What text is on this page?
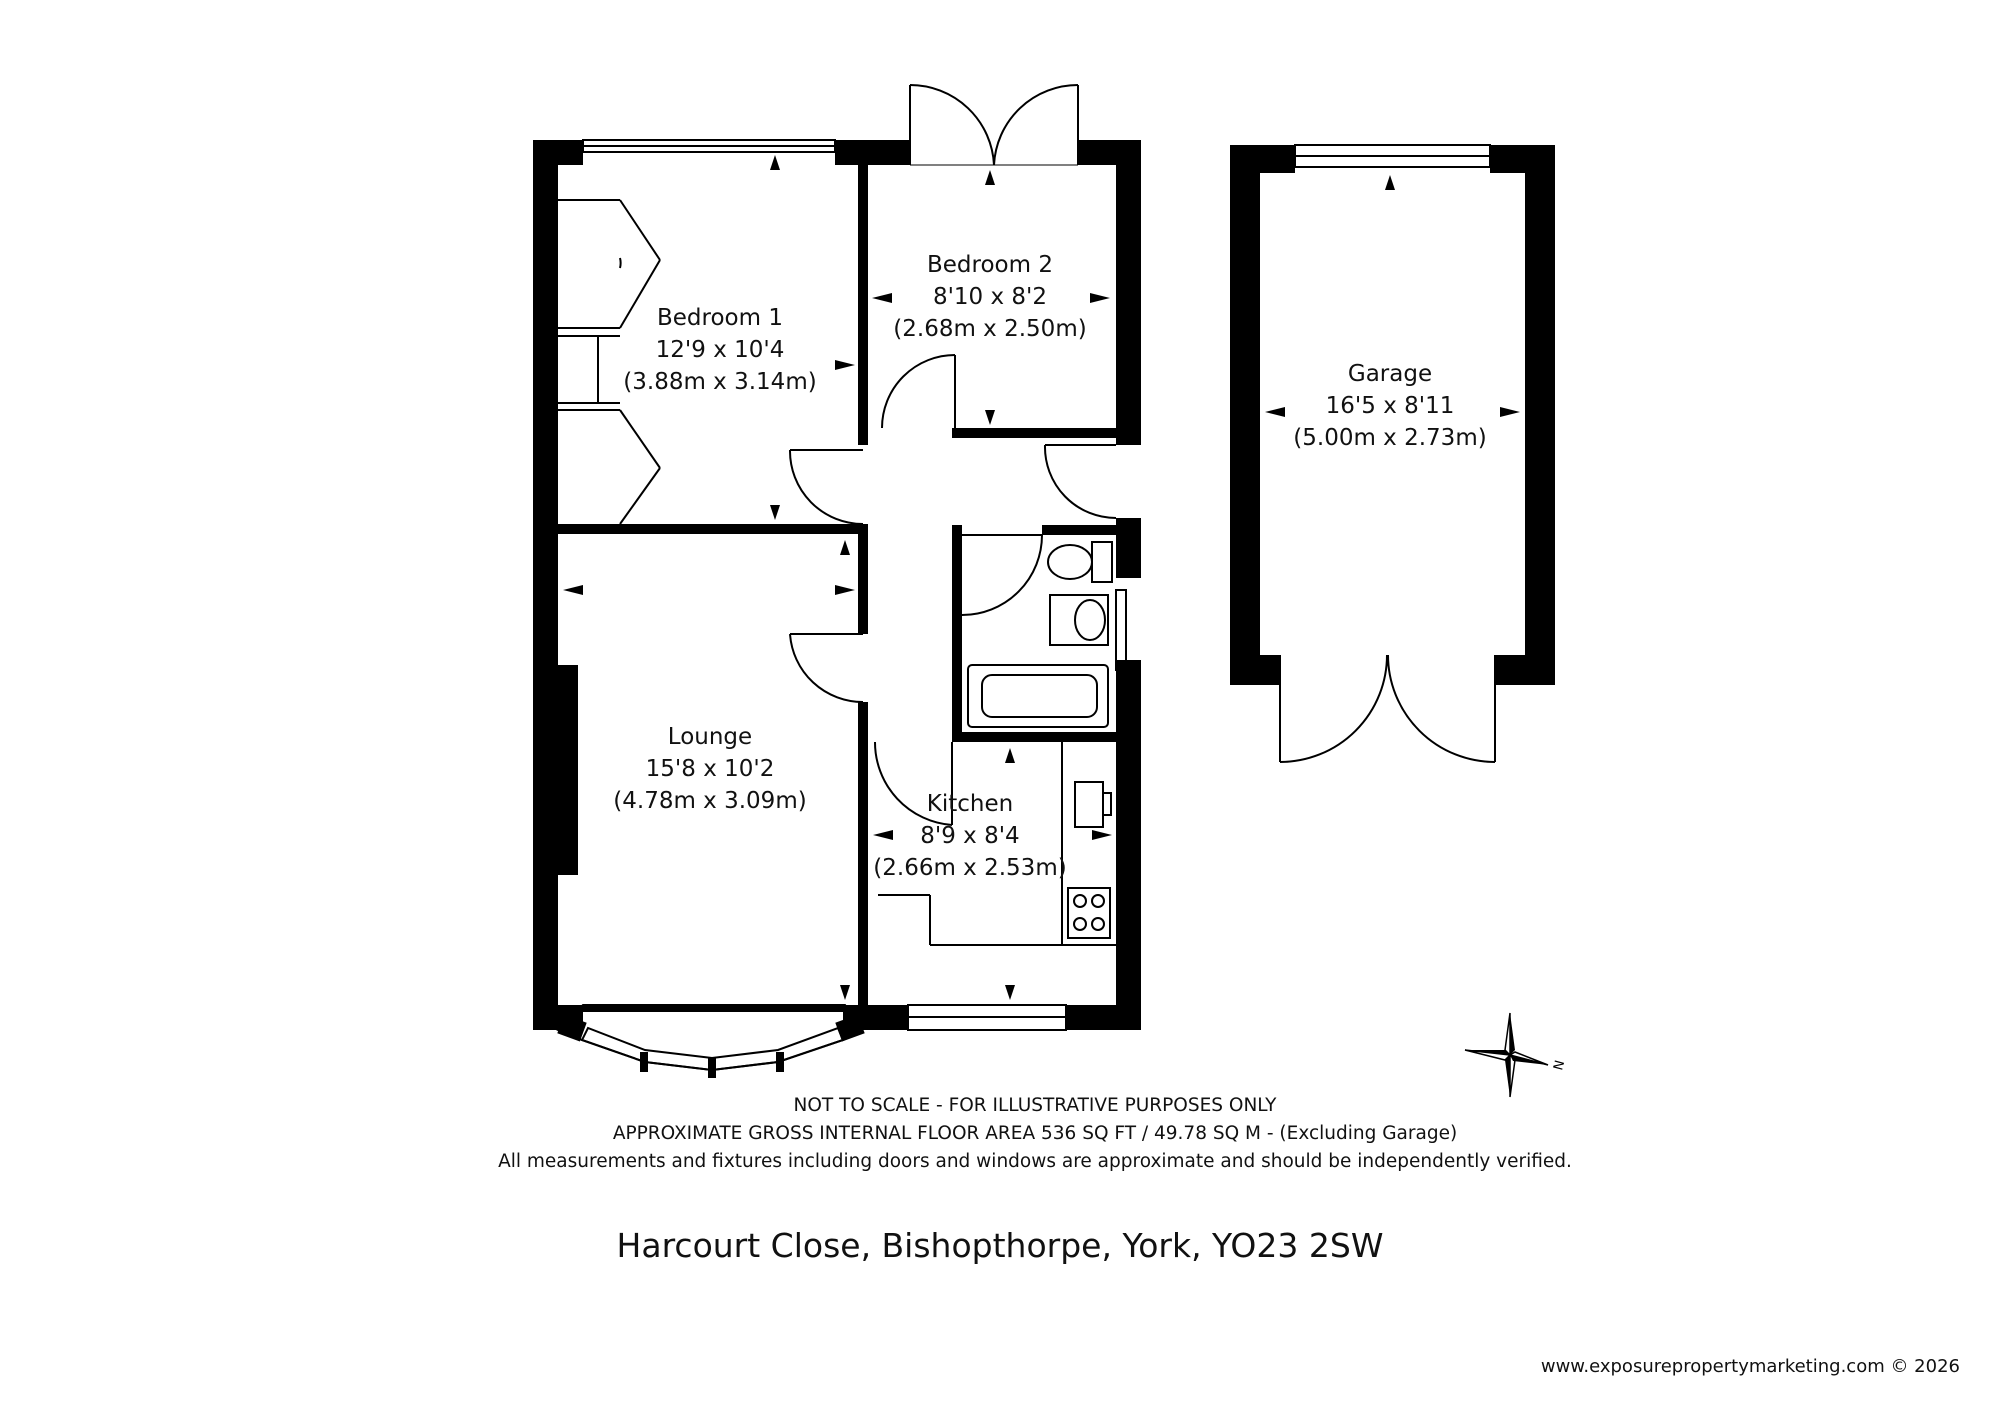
N
Bedroom 1
12'9 x 10'4
(3.88m x 3.14m)
Bedroom 2
8'10 x 8'2
(2.68m x 2.50m)
Garage
16'5 x 8'11
(5.00m x 2.73m)
Lounge
15'8 x 10'2
(4.78m x 3.09m)	Kitchen
8'9 x 8'4
(2.66m x 2.53m)
NOT TO SCALE - FOR ILLUSTRATIVE PURPOSES ONLY
APPROXIMATE GROSS INTERNAL FLOOR AREA 536 SQ FT / 49.78 SQ M - (Excluding Garage)
All measurements and fixtures including doors and windows are approximate and should be independently verified.
Harcourt Close, Bishopthorpe, York, YO23 2SW
www.exposurepropertymarketing.com © 2026
